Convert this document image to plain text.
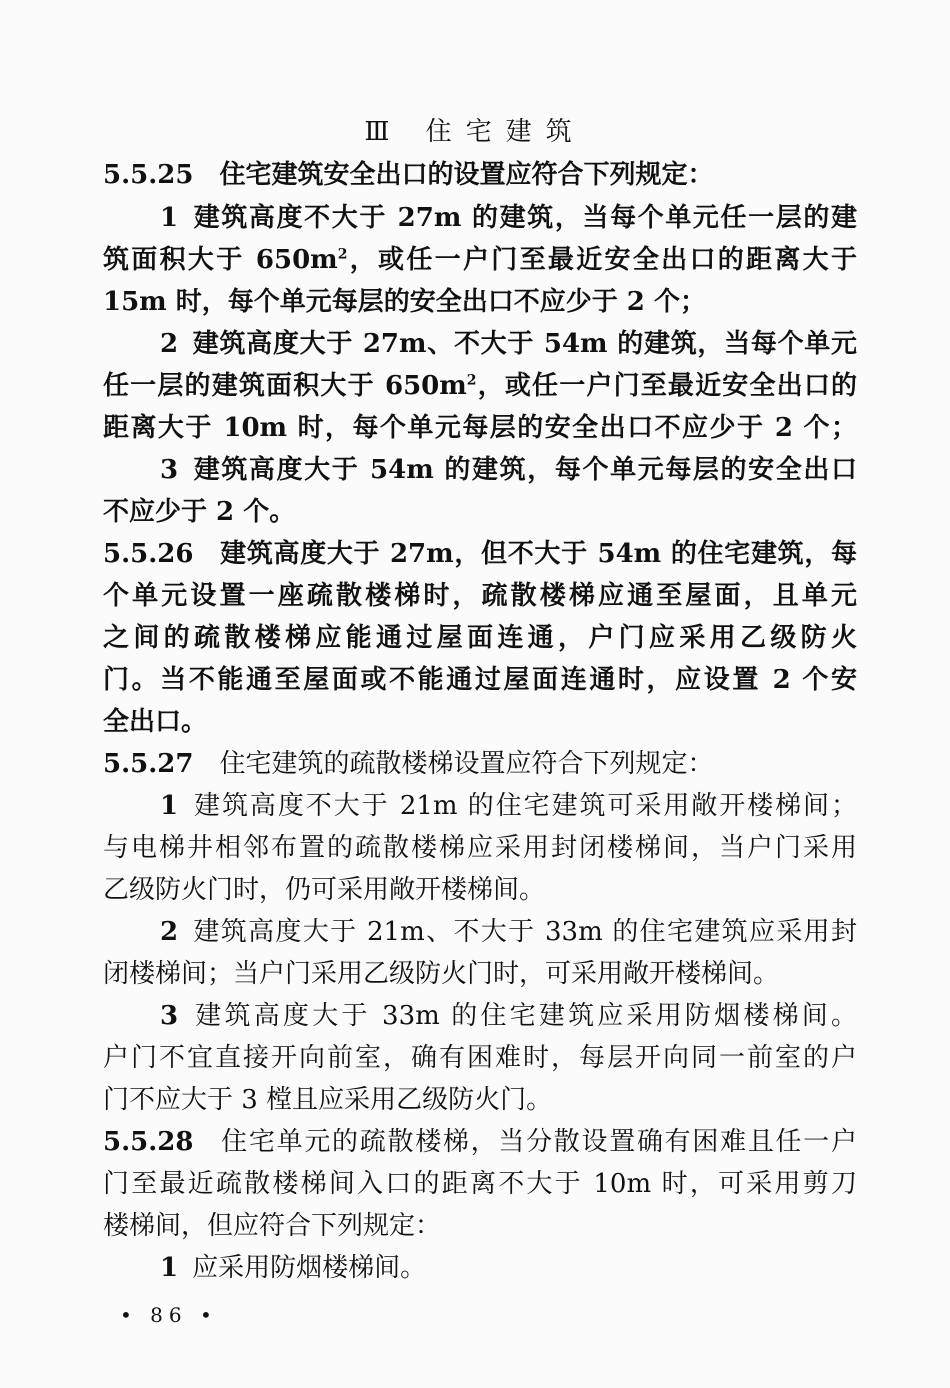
Ⅲ 住宅建筑
5.5.25 住宅建筑安全出口的设置应符合下列规定：
1 建筑高度不大于 27m 的建筑，当每个单元任一层的建
筑面积大于 $650m^2$，或任一户门至最近安全出口的距离大于
15m 时，每个单元每层的安全出口不应少于 2 个；
2 建筑高度大于 27m、不大于 54m 的建筑，当每个单元
任一层的建筑面积大于 $650m^2$，或任一户门至最近安全出口的
距离大于 10m 时，每个单元每层的安全出口不应少于 2 个；
3 建筑高度大于 54m 的建筑，每个单元每层的安全出口
不应少于 2 个。
5.5.26 建筑高度大于 27m，但不大于 54m 的住宅建筑，每
个单元设置一座疏散楼梯时，疏散楼梯应通至屋面，且单元
之间的疏散楼梯应能通过屋面连通，户门应采用乙级防火
门。当不能通至屋面或不能通过屋面连通时，应设置 2 个安
全出口。
5.5.27 住宅建筑的疏散楼梯设置应符合下列规定：
1 建筑高度不大于 21m 的住宅建筑可采用敞开楼梯间；
与电梯井相邻布置的疏散楼梯应采用封闭楼梯间，当户门采用
乙级防火门时，仍可采用敞开楼梯间。
2 建筑高度大于 21m、不大于 33m 的住宅建筑应采用封
闭楼梯间；当户门采用乙级防火门时，可采用敞开楼梯间。
3 建筑高度大于 33m 的住宅建筑应采用防烟楼梯间。
户门不宜直接开向前室，确有困难时，每层开向同一前室的户
门不应大于 3 樘且应采用乙级防火门。
5.5.28 住宅单元的疏散楼梯，当分散设置确有困难且任一户
门至最近疏散楼梯间入口的距离不大于 10m 时，可采用剪刀
楼梯间，但应符合下列规定：
1 应采用防烟楼梯间。
• 86 •
